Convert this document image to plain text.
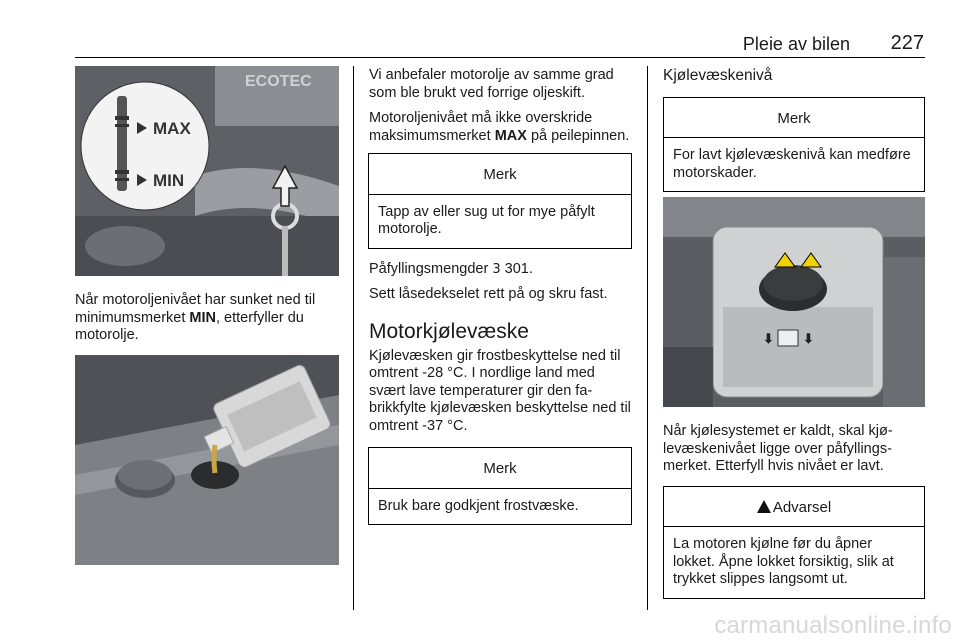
Pleie av bilen 227
ECOTEC
MAX
MIN

Når motoroljenivået har sunket ned til minimumsmerket MIN, etterfyller du motorolje.

Vi anbefaler motorolje av samme grad som ble brukt ved forrige oljeskift.

Motoroljenivået må ikke overskride maksimumsmerket MAX på peilepinnen.

Merk
Tapp av eller sug ut for mye påfylt motorolje.

Påfyllingsmengder 3 301.

Sett låsedekselet rett på og skru fast.

Motorkjølevæske

Kjølevæsken gir frostbeskyttelse ned til omtrent -28 °C. I nordlige land med svært lave temperaturer gir den fabrikkfylte kjølevæsken beskyttelse ned til omtrent -37 °C.

Merk
Bruk bare godkjent frostvæske.
Kjølevæskenivå
Merk
For lavt kjølevæskenivå kan medføre motorskader.
⬇ ⬇

Når kjølesystemet er kaldt, skal kjølevæskenivået ligge over påfyllingsmerket. Etterfyll hvis nivået er lavt.

Advarsel
La motoren kjølne før du åpner lokket. Åpne lokket forsiktig, slik at trykket slippes langsomt ut.
carmanualsonline.info
